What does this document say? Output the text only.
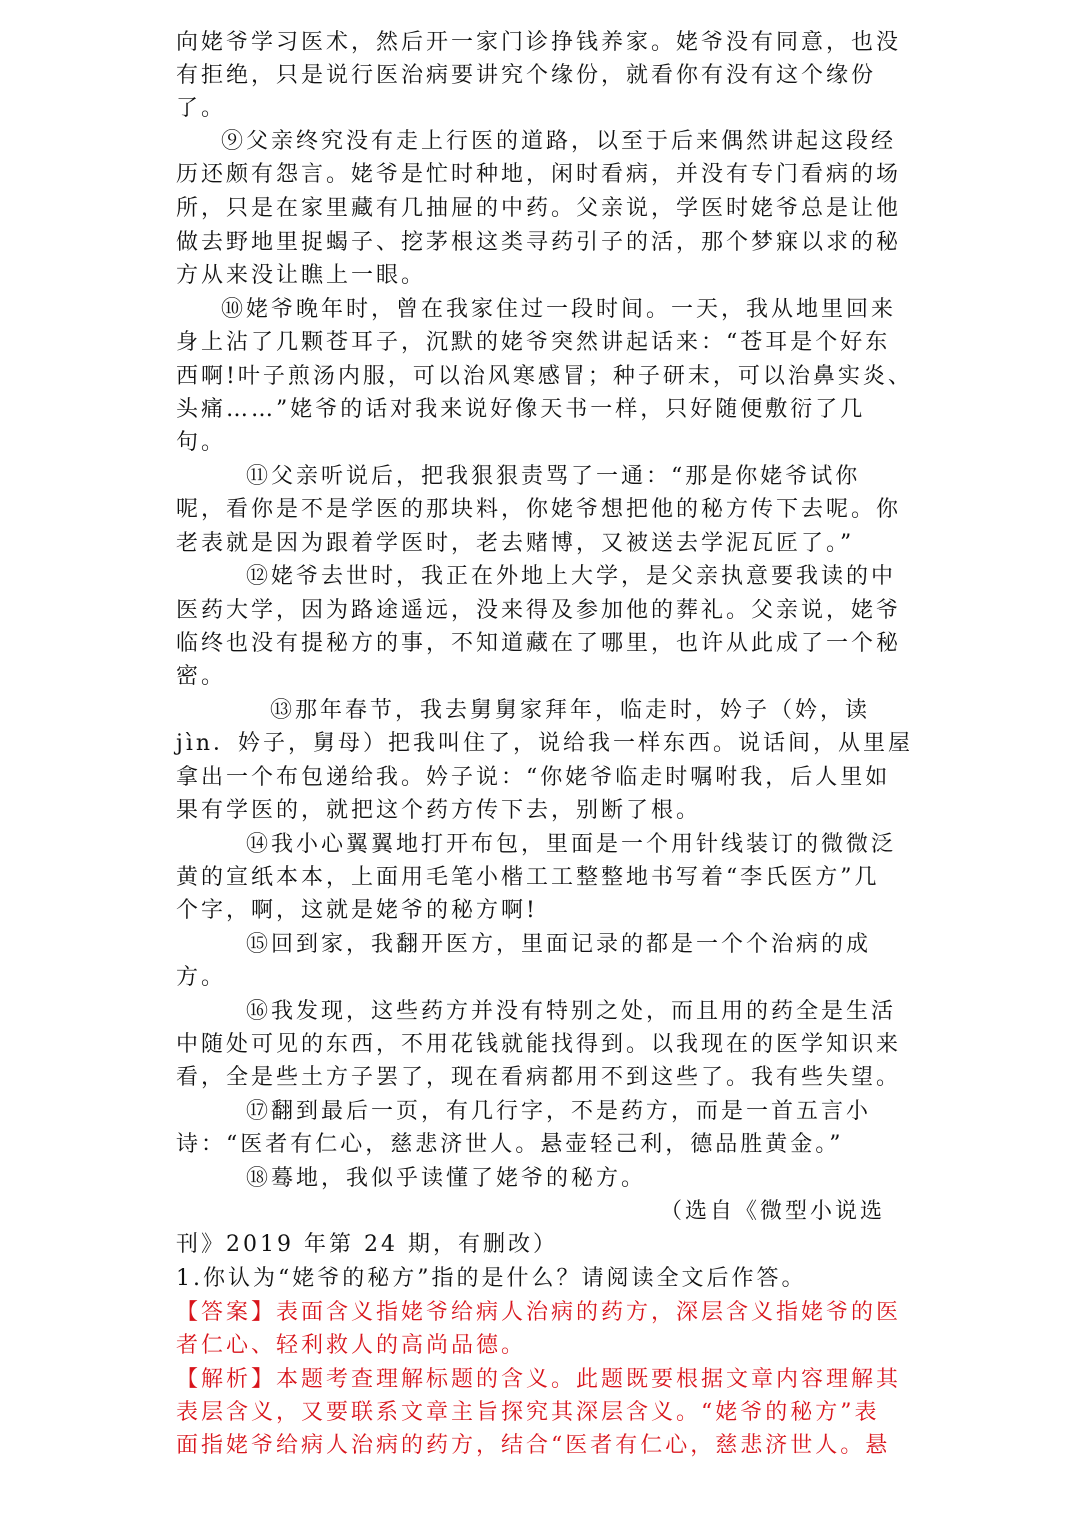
向姥爷学习医术，然后开一家门诊挣钱养家。姥爷没有同意，也没
有拒绝，只是说行医治病要讲究个缘份，就看你有没有这个缘份
了。
⑨父亲终究没有走上行医的道路，以至于后来偶然讲起这段经
历还颇有怨言。姥爷是忙时种地，闲时看病，并没有专门看病的场
所，只是在家里藏有几抽屉的中药。父亲说，学医时姥爷总是让他
做去野地里捉蝎子、挖茅根这类寻药引子的活，那个梦寐以求的秘
方从来没让瞧上一眼。
⑩姥爷晚年时，曾在我家住过一段时间。一天，我从地里回来
身上沾了几颗苍耳子，沉默的姥爷突然讲起话来：“苍耳是个好东
西啊!叶子煎汤内服，可以治风寒感冒；种子研末，可以治鼻实炎、
头痛……”姥爷的话对我来说好像天书一样，只好随便敷衍了几
句。
⑪父亲听说后，把我狠狠责骂了一通：“那是你姥爷试你
呢，看你是不是学医的那块料，你姥爷想把他的秘方传下去呢。你
老表就是因为跟着学医时，老去赌博，又被送去学泥瓦匠了。”
⑫姥爷去世时，我正在外地上大学，是父亲执意要我读的中
医药大学，因为路途遥远，没来得及参加他的葬礼。父亲说，姥爷
临终也没有提秘方的事，不知道藏在了哪里，也许从此成了一个秘
密。
⑬那年春节，我去舅舅家拜年，临走时，妗子（妗，读
jìn．妗子，舅母）把我叫住了，说给我一样东西。说话间，从里屋
拿出一个布包递给我。妗子说：“你姥爷临走时嘱咐我，后人里如
果有学医的，就把这个药方传下去，别断了根。
⑭我小心翼翼地打开布包，里面是一个用针线装订的微微泛
黄的宣纸本本，上面用毛笔小楷工工整整地书写着“李氏医方”几
个字，啊，这就是姥爷的秘方啊!
⑮回到家，我翻开医方，里面记录的都是一个个治病的成
方。
⑯我发现，这些药方并没有特别之处，而且用的药全是生活
中随处可见的东西，不用花钱就能找得到。以我现在的医学知识来
看，全是些土方子罢了，现在看病都用不到这些了。我有些失望。
⑰翻到最后一页，有几行字，不是药方，而是一首五言小
诗：“医者有仁心，慈悲济世人。悬壶轻己利，德品胜黄金。”
⑱蓦地，我似乎读懂了姥爷的秘方。
（选自《微型小说选
刊》2019 年第 24 期，有删改）
1.你认为“姥爷的秘方”指的是什么？请阅读全文后作答。
【答案】表面含义指姥爷给病人治病的药方，深层含义指姥爷的医
者仁心、轻利救人的高尚品德。
【解析】本题考查理解标题的含义。此题既要根据文章内容理解其
表层含义，又要联系文章主旨探究其深层含义。“姥爷的秘方”表
面指姥爷给病人治病的药方，结合“医者有仁心，慈悲济世人。悬
